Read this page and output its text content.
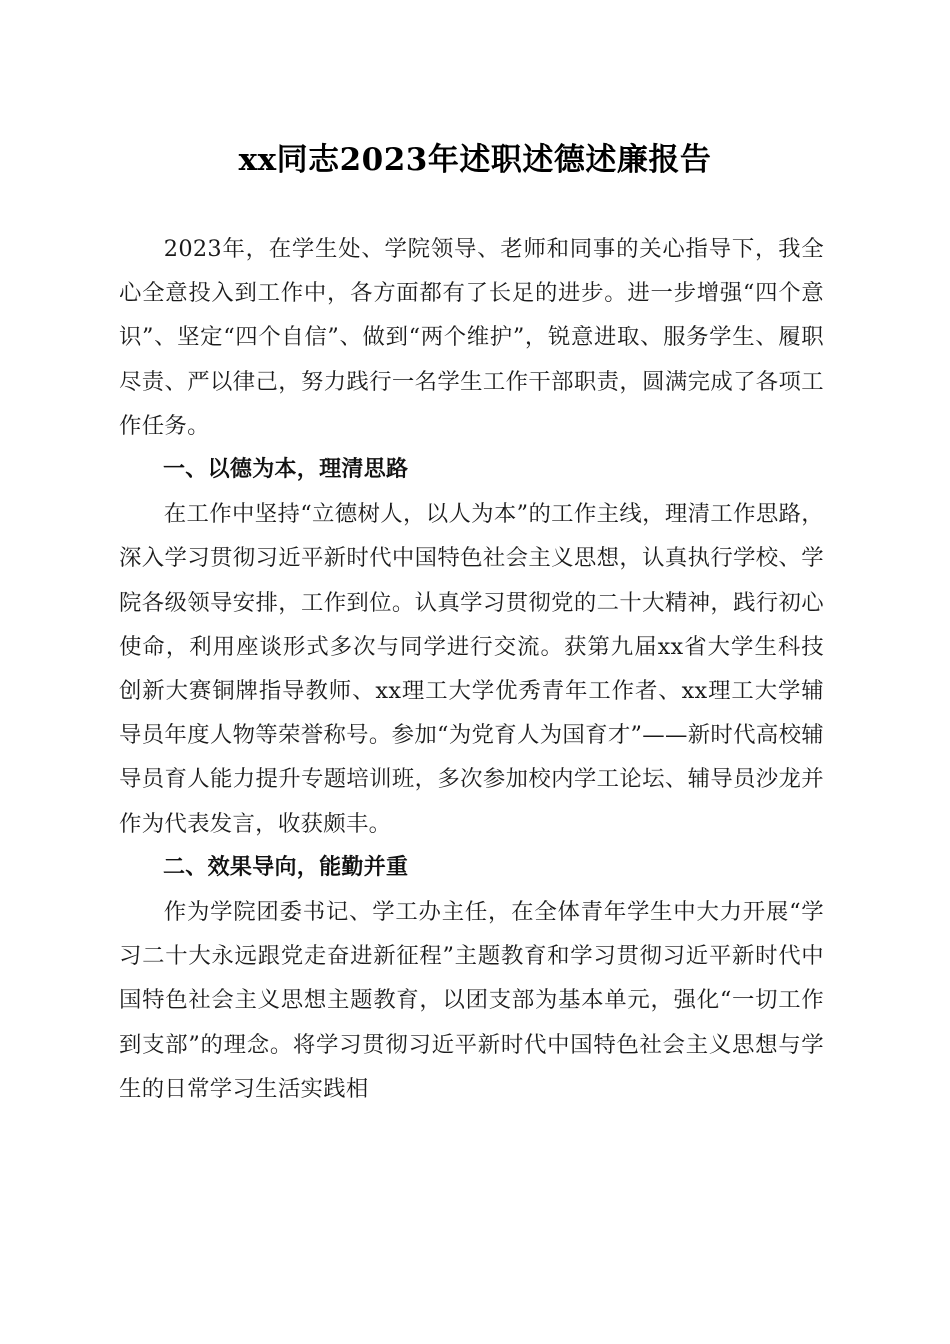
xx同志2023年述职述德述廉报告

2023年，在学生处、学院领导、老师和同事的关心指导下，我全心全意投入到工作中，各方面都有了长足的进步。进一步增强“四个意识”、坚定“四个自信”、做到“两个维护”，锐意进取、服务学生、履职尽责、严以律己，努力践行一名学生工作干部职责，圆满完成了各项工作任务。

一、以德为本，理清思路

在工作中坚持“立德树人，以人为本”的工作主线，理清工作思路，深入学习贯彻习近平新时代中国特色社会主义思想，认真执行学校、学院各级领导安排，工作到位。认真学习贯彻党的二十大精神，践行初心使命，利用座谈形式多次与同学进行交流。获第九届xx省大学生科技创新大赛铜牌指导教师、xx理工大学优秀青年工作者、xx理工大学辅导员年度人物等荣誉称号。参加“为党育人为国育才”——新时代高校辅导员育人能力提升专题培训班，多次参加校内学工论坛、辅导员沙龙并作为代表发言，收获颇丰。

二、效果导向，能勤并重

作为学院团委书记、学工办主任，在全体青年学生中大力开展“学习二十大永远跟党走奋进新征程”主题教育和学习贯彻习近平新时代中国特色社会主义思想主题教育，以团支部为基本单元，强化“一切工作到支部”的理念。将学习贯彻习近平新时代中国特色社会主义思想与学生的日常学习生活实践相
